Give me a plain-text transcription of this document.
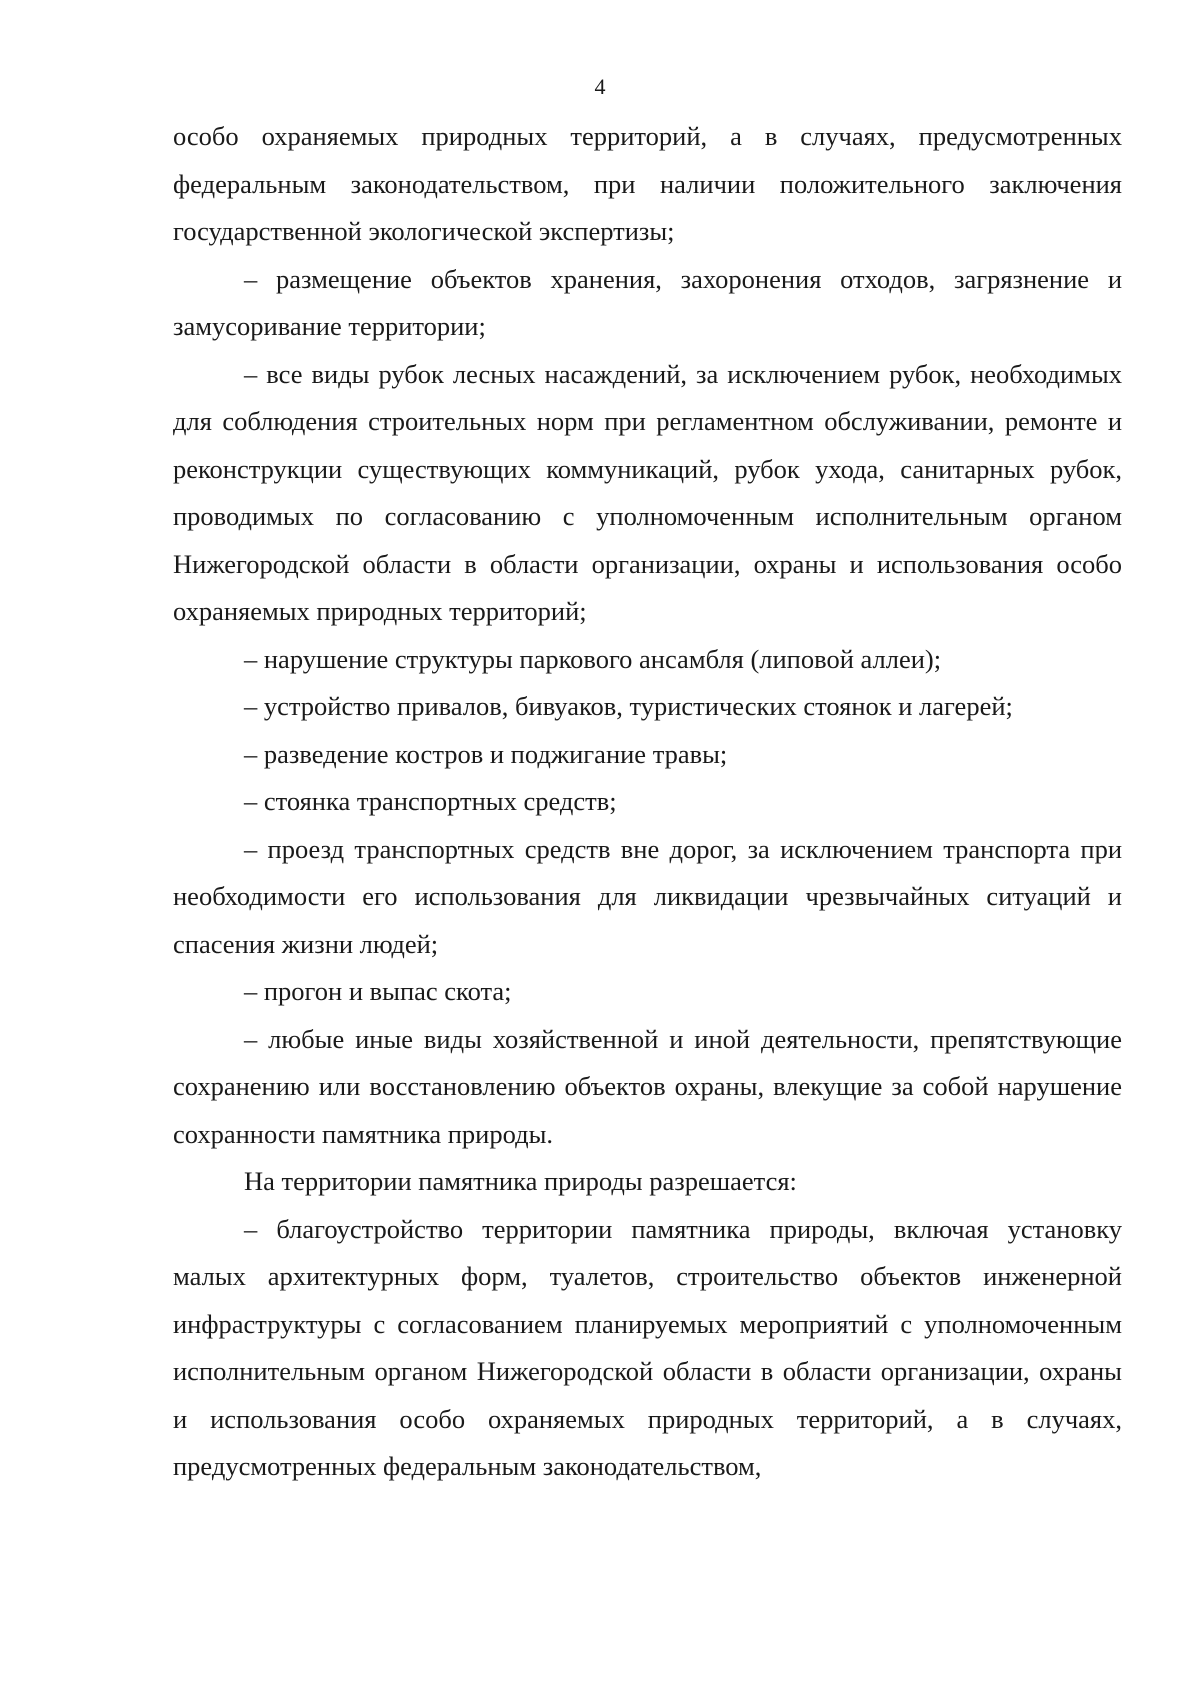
4

особо охраняемых природных территорий, а в случаях, предусмотренных федеральным законодательством, при наличии положительного заключения государственной экологической экспертизы;

– размещение объектов хранения, захоронения отходов, загрязнение и замусоривание территории;

– все виды рубок лесных насаждений, за исключением рубок, необходимых для соблюдения строительных норм при регламентном обслуживании, ремонте и реконструкции существующих коммуникаций, рубок ухода, санитарных рубок, проводимых по согласованию с уполномоченным исполнительным органом Нижегородской области в области организации, охраны и использования особо охраняемых природных территорий;

– нарушение структуры паркового ансамбля (липовой аллеи);

– устройство привалов, бивуаков, туристических стоянок и лагерей;

– разведение костров и поджигание травы;

– стоянка транспортных средств;

– проезд транспортных средств вне дорог, за исключением транспорта при необходимости его использования для ликвидации чрезвычайных ситуаций и спасения жизни людей;

– прогон и выпас скота;

– любые иные виды хозяйственной и иной деятельности, препятствующие сохранению или восстановлению объектов охраны, влекущие за собой нарушение сохранности памятника природы.

На территории памятника природы разрешается:

– благоустройство территории памятника природы, включая установку малых архитектурных форм, туалетов, строительство объектов инженерной инфраструктуры с согласованием планируемых мероприятий с уполномоченным исполнительным органом Нижегородской области в области организации, охраны и использования особо охраняемых природных территорий, а в случаях, предусмотренных федеральным законодательством,
